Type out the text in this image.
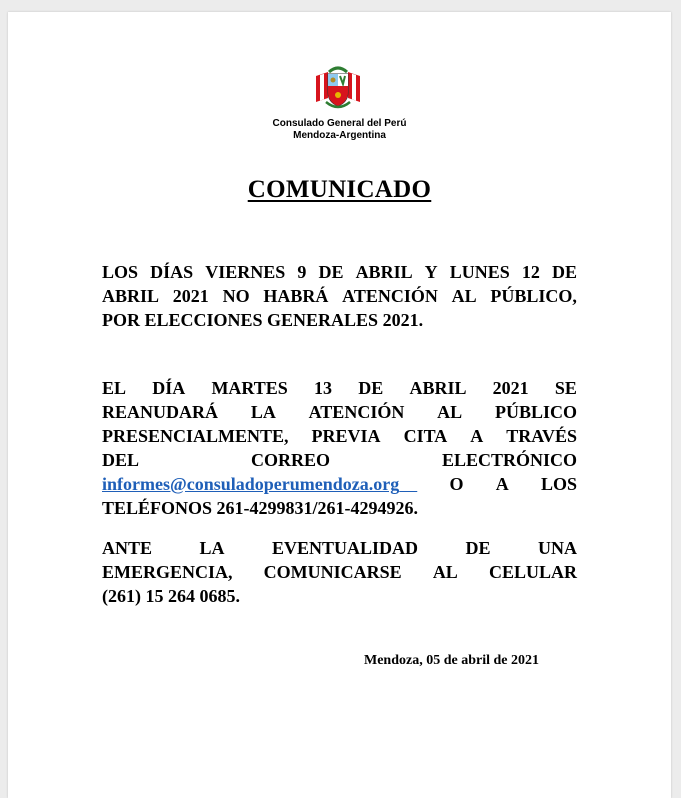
Consulado General del Perú
Mendoza-Argentina
COMUNICADO
LOS DÍAS VIERNES 9 DE ABRIL Y LUNES 12 DE
ABRIL 2021 NO HABRÁ ATENCIÓN AL PÚBLICO,
POR ELECCIONES GENERALES 2021.
EL DÍA MARTES 13 DE ABRIL 2021 SE
REANUDARÁ LA ATENCIÓN AL PÚBLICO
PRESENCIALMENTE, PREVIA CITA A TRAVÉS
DEL	CORREO	ELECTRÓNICO
informes@consuladoperumendoza.org	O A LOS
TELÉFONOS 261-4299831/261-4294926.
ANTE	LA	EVENTUALIDAD	DE	UNA
EMERGENCIA, COMUNICARSE AL CELULAR
(261) 15 264 0685.
Mendoza, 05 de abril de 2021
